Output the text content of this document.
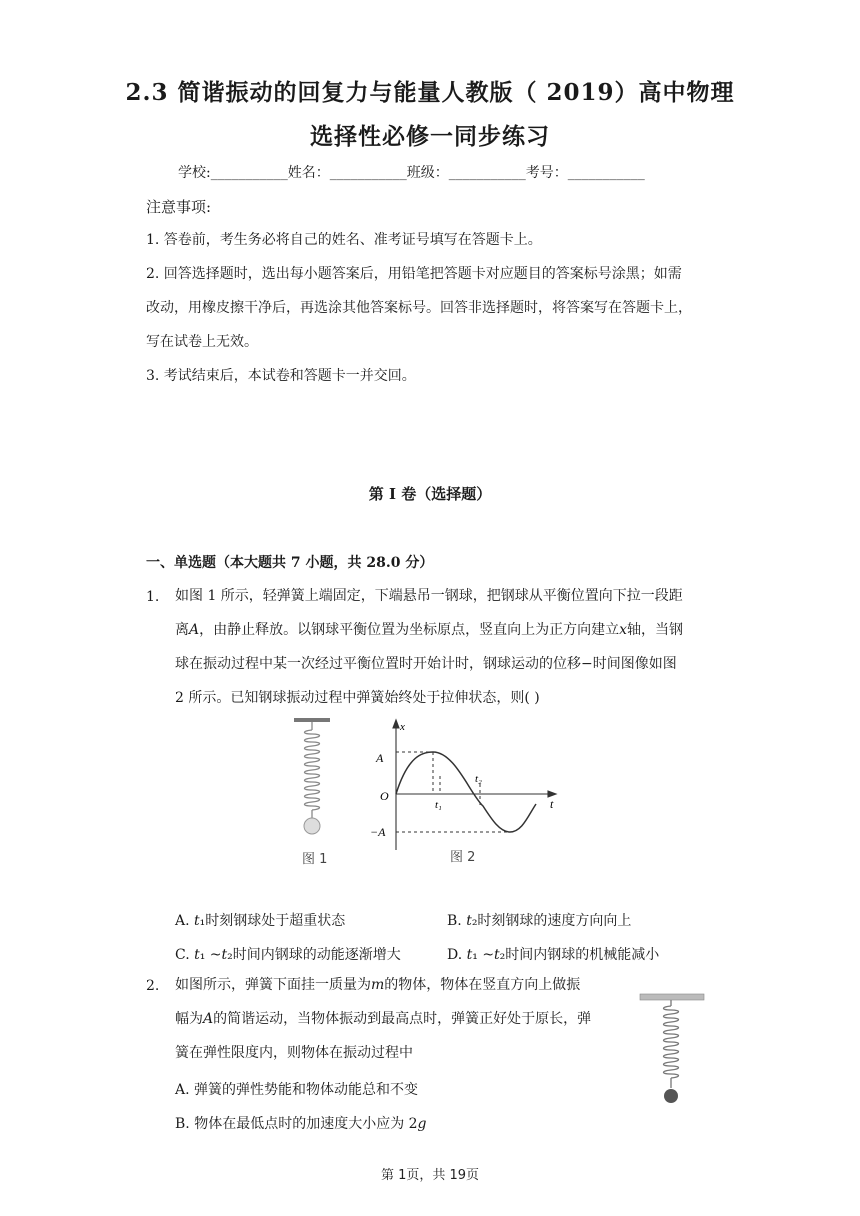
2.3 简谐振动的回复力与能量人教版（ 2019）高中物理
选择性必修一同步练习
学校:___________姓名：___________班级：___________考号：___________
注意事项:
1. 答卷前，考生务必将自己的姓名、准考证号填写在答题卡上。
2. 回答选择题时，选出每小题答案后，用铅笔把答题卡对应题目的答案标号涂黑；如需
改动，用橡皮擦干净后，再选涂其他答案标号。回答非选择题时，将答案写在答题卡上，
写在试卷上无效。
3. 考试结束后，本试卷和答题卡一并交回。
第 I 卷（选择题）
一、单选题（本大题共 7 小题，共 28.0 分）
1. 如图 1 所示，轻弹簧上端固定，下端悬吊一钢球，把钢球从平衡位置向下拉一段距
离𝐴，由静止释放。以钢球平衡位置为坐标原点，竖直向上为正方向建立𝑥轴，当钢
球在振动过程中某一次经过平衡位置时开始计时，钢球运动的位移−时间图像如图
2 所示。已知钢球振动过程中弹簧始终处于拉伸状态，则( )
图 1
x
t
O
A
−A
t₁
t₂
图 2
A. 𝑡₁时刻钢球处于超重状态	B. 𝑡₂时刻钢球的速度方向向上
C. 𝑡₁ ~𝑡₂时间内钢球的动能逐渐增大	D. 𝑡₁ ~𝑡₂时间内钢球的机械能减小
2. 如图所示，弹簧下面挂一质量为𝑚的物体，物体在竖直方向上做振
幅为𝐴的简谐运动，当物体振动到最高点时，弹簧正好处于原长，弹
簧在弹性限度内，则物体在振动过程中
A. 弹簧的弹性势能和物体动能总和不变
B. 物体在最低点时的加速度大小应为 2𝑔
第 1页，共 19页
